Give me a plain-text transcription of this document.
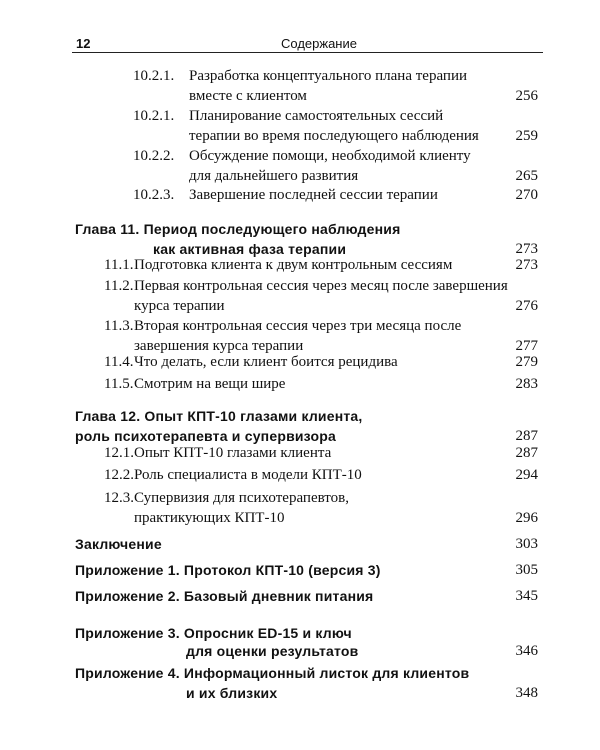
12	Содержание
10.2.1. Разработка концептуального плана терапии
вместе с клиентом	256
10.2.1. Планирование самостоятельных сессий
терапии во время последующего наблюдения 259
10.2.2. Обсуждение помощи, необходимой клиенту
для дальнейшего развития	265
10.2.3. Завершение последней сессии терапии	270
Глава 11. Период последующего наблюдения
как активная фаза терапии	273
11.1. Подготовка клиента к двум контрольным сессиям	273
11.2. Первая контрольная сессия через месяц после завершения
курса терапии	276
11.3. Вторая контрольная сессия через три месяца после
завершения курса терапии	277
11.4. Что делать, если клиент боится рецидива	279
11.5. Смотрим на вещи шире	283
Глава 12. Опыт КПТ-10 глазами клиента,
роль психотерапевта и супервизора	287
12.1. Опыт КПТ-10 глазами клиента	287
12.2. Роль специалиста в модели КПТ-10	294
12.3. Супервизия для психотерапевтов,
практикующих КПТ-10	296
Заключение	303
Приложение 1. Протокол КПТ-10 (версия 3)	305
Приложение 2. Базовый дневник питания	345
Приложение 3. Опросник ED-15 и ключ
для оценки результатов	346
Приложение 4. Информационный листок для клиентов
и их близких	348
